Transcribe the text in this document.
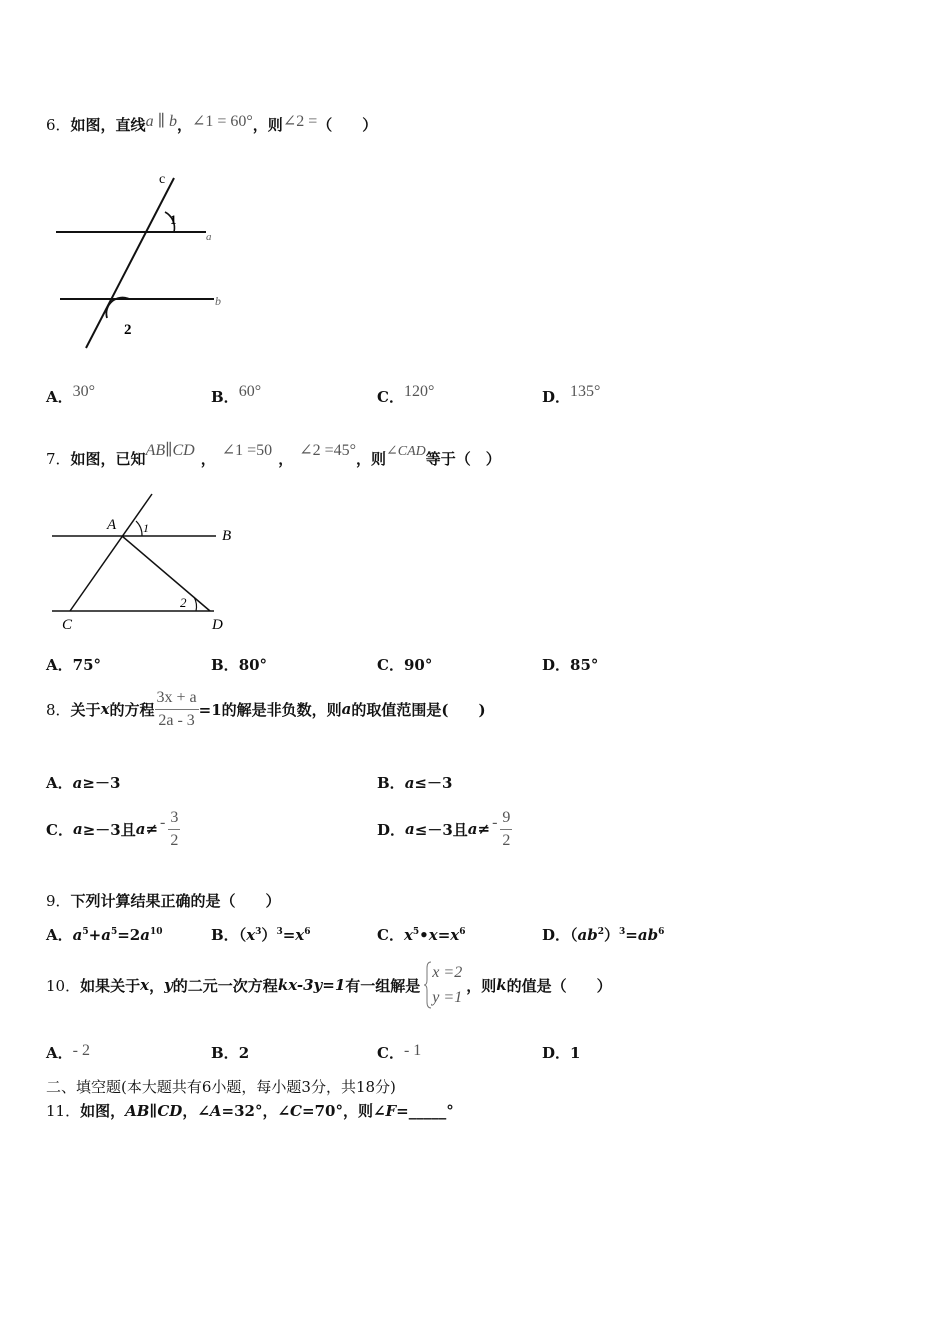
6．如图，直线a ∥ b，∠1 = 60°，则∠2 =（　　）
c
1
a
b
2
A．30°	B．60°	C．120°	D．135°
7．如图，已知AB∥CD ， ∠1 =50 ， ∠2 =45°，则∠CAD等于（　）
A 1	B
2
C	D
A．75°	B．80°	C．90°	D．85°
8． 关于 x 的方程 $\frac{3x + a}{2a - 3} =1$的解是非负数，则 a 的取值范围是(　　)
A．a≥－3	B．a≤－3
C． a ≥－3且 a ≠ - $\frac{3}{2}$	D． a ≤－3且 a ≠ - $\frac{9}{2}$
9．下列计算结果正确的是（　　）
A．$a^5+a^5=2a^{10}$	B．$(x^3)^3=x^6$	C．$x^5•x=x^6$	D．$(ab^2)^3=ab^6$
10． 如果关于 x ， y 的二元一次方程 kx-3y=1 有一组解是
x =2
y =1
，则 k 的值是（　　）
A．- 2	B．2	C．- 1	D．1
二、填空题(本大题共有6小题，每小题3分，共18分)
11．如图，AB∥CD，∠A=32°，∠C=70°，则∠F=_____°
